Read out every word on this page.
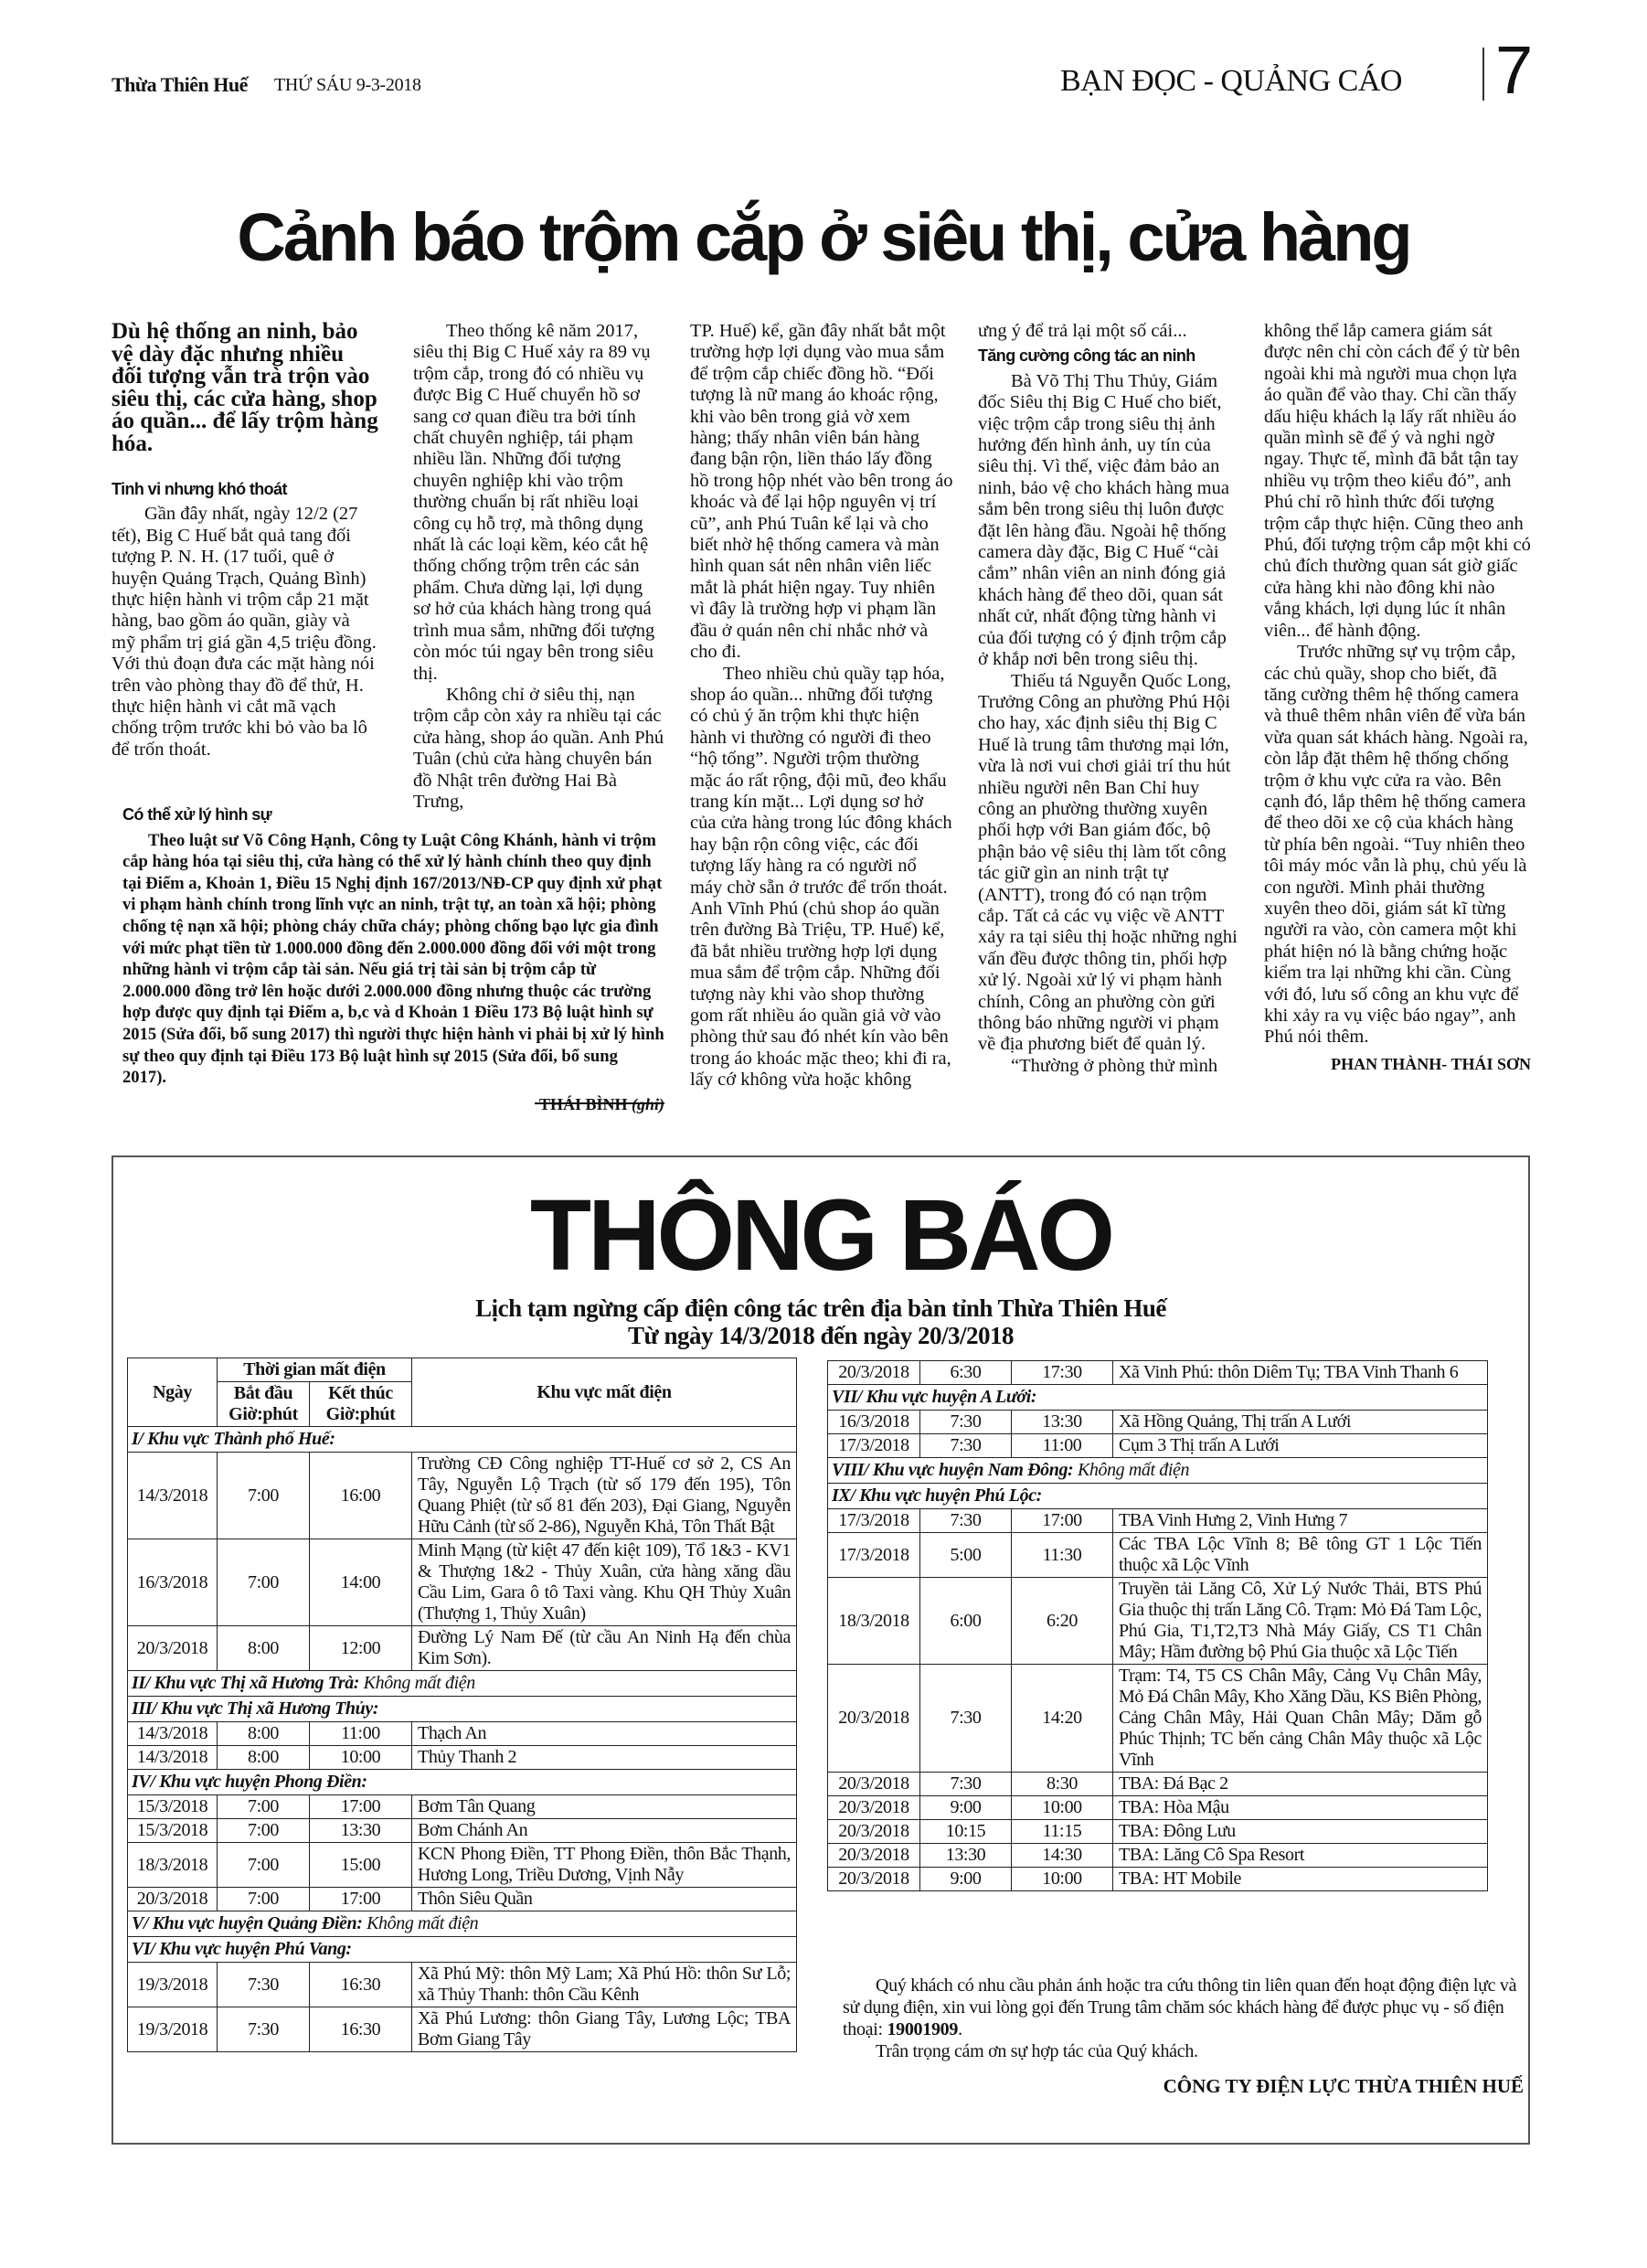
Thừa Thiên Huế THỨ SÁU 9-3-2018	BẠN ĐỌC - QUẢNG CÁO 7
Cảnh báo trộm cắp ở siêu thị, cửa hàng

Dù hệ thống an ninh, bảo vệ dày đặc nhưng nhiều đối tượng vẫn trà trộn vào siêu thị, các cửa hàng, shop áo quần... để lấy trộm hàng hóa.

Tinh vi nhưng khó thoát

Gần đây nhất, ngày 12/2 (27 tết), Big C Huế bắt quả tang đối tượng P. N. H. (17 tuổi, quê ở huyện Quảng Trạch, Quảng Bình) thực hiện hành vi trộm cắp 21 mặt hàng, bao gồm áo quần, giày và mỹ phẩm trị giá gần 4,5 triệu đồng. Với thủ đoạn đưa các mặt hàng nói trên vào phòng thay đồ để thử, H. thực hiện hành vi cắt mã vạch chống trộm trước khi bỏ vào ba lô để trốn thoát.

Theo thống kê năm 2017, siêu thị Big C Huế xảy ra 89 vụ trộm cắp, trong đó có nhiều vụ được Big C Huế chuyển hồ sơ sang cơ quan điều tra bởi tính chất chuyên nghiệp, tái phạm nhiều lần. Những đối tượng chuyên nghiệp khi vào trộm thường chuẩn bị rất nhiều loại công cụ hỗ trợ, mà thông dụng nhất là các loại kềm, kéo cắt hệ thống chống trộm trên các sản phẩm. Chưa dừng lại, lợi dụng sơ hở của khách hàng trong quá trình mua sắm, những đối tượng còn móc túi ngay bên trong siêu thị.

Không chỉ ở siêu thị, nạn trộm cắp còn xảy ra nhiều tại các cửa hàng, shop áo quần. Anh Phú Tuân (chủ cửa hàng chuyên bán đồ Nhật trên đường Hai Bà Trưng,

TP. Huế) kể, gần đây nhất bắt một trường hợp lợi dụng vào mua sắm để trộm cắp chiếc đồng hồ. “Đối tượng là nữ mang áo khoác rộng, khi vào bên trong giả vờ xem hàng; thấy nhân viên bán hàng đang bận rộn, liền tháo lấy đồng hồ trong hộp nhét vào bên trong áo khoác và để lại hộp nguyên vị trí cũ”, anh Phú Tuân kể lại và cho biết nhờ hệ thống camera và màn hình quan sát nên nhân viên liếc mắt là phát hiện ngay. Tuy nhiên vì đây là trường hợp vi phạm lần đầu ở quán nên chỉ nhắc nhở và cho đi.

Theo nhiều chủ quầy tạp hóa, shop áo quần... những đối tượng có chủ ý ăn trộm khi thực hiện hành vi thường có người đi theo “hộ tống”. Người trộm thường mặc áo rất rộng, đội mũ, đeo khẩu trang kín mặt... Lợi dụng sơ hở của cửa hàng trong lúc đông khách hay bận rộn công việc, các đối tượng lấy hàng ra có người nổ máy chờ sẵn ở trước để trốn thoát. Anh Vĩnh Phú (chủ shop áo quần trên đường Bà Triệu, TP. Huế) kể, đã bắt nhiều trường hợp lợi dụng mua sắm để trộm cắp. Những đối tượng này khi vào shop thường gom rất nhiều áo quần giả vờ vào phòng thử sau đó nhét kín vào bên trong áo khoác mặc theo; khi đi ra, lấy cớ không vừa hoặc không

ưng ý để trả lại một số cái...

Tăng cường công tác an ninh

Bà Võ Thị Thu Thủy, Giám đốc Siêu thị Big C Huế cho biết, việc trộm cắp trong siêu thị ảnh hưởng đến hình ảnh, uy tín của siêu thị. Vì thế, việc đảm bảo an ninh, bảo vệ cho khách hàng mua sắm bên trong siêu thị luôn được đặt lên hàng đầu. Ngoài hệ thống camera dày đặc, Big C Huế “cài cắm” nhân viên an ninh đóng giả khách hàng để theo dõi, quan sát nhất cử, nhất động từng hành vi của đối tượng có ý định trộm cắp ở khắp nơi bên trong siêu thị.

Thiếu tá Nguyễn Quốc Long, Trưởng Công an phường Phú Hội cho hay, xác định siêu thị Big C Huế là trung tâm thương mại lớn, vừa là nơi vui chơi giải trí thu hút nhiều người nên Ban Chỉ huy công an phường thường xuyên phối hợp với Ban giám đốc, bộ phận bảo vệ siêu thị làm tốt công tác giữ gìn an ninh trật tự (ANTT), trong đó có nạn trộm cắp. Tất cả các vụ việc về ANTT xảy ra tại siêu thị hoặc những nghi vấn đều được thông tin, phối hợp xử lý. Ngoài xử lý vi phạm hành chính, Công an phường còn gửi thông báo những người vi phạm về địa phương biết để quản lý.

“Thường ở phòng thử mình

không thể lắp camera giám sát được nên chỉ còn cách để ý từ bên ngoài khi mà người mua chọn lựa áo quần để vào thay. Chỉ cần thấy dấu hiệu khách lạ lấy rất nhiều áo quần mình sẽ để ý và nghi ngờ ngay. Thực tế, mình đã bắt tận tay nhiều vụ trộm theo kiểu đó”, anh Phú chỉ rõ hình thức đối tượng trộm cắp thực hiện. Cũng theo anh Phú, đối tượng trộm cắp một khi có chủ đích thường quan sát giờ giấc cửa hàng khi nào đông khi nào vắng khách, lợi dụng lúc ít nhân viên... để hành động.

Trước những sự vụ trộm cắp, các chủ quầy, shop cho biết, đã tăng cường thêm hệ thống camera và thuê thêm nhân viên để vừa bán vừa quan sát khách hàng. Ngoài ra, còn lắp đặt thêm hệ thống chống trộm ở khu vực cửa ra vào. Bên cạnh đó, lắp thêm hệ thống camera để theo dõi xe cộ của khách hàng từ phía bên ngoài. “Tuy nhiên theo tôi máy móc vẫn là phụ, chủ yếu là con người. Mình phải thường xuyên theo dõi, giám sát kĩ từng người ra vào, còn camera một khi phát hiện nó là bằng chứng hoặc kiểm tra lại những khi cần. Cùng với đó, lưu số công an khu vực để khi xảy ra vụ việc báo ngay”, anh Phú nói thêm.

PHAN THÀNH- THÁI SƠN

Có thể xử lý hình sự

Theo luật sư Võ Công Hạnh, Công ty Luật Công Khánh, hành vi trộm cắp hàng hóa tại siêu thị, cửa hàng có thể xử lý hành chính theo quy định tại Điểm a, Khoản 1, Điều 15 Nghị định 167/2013/NĐ-CP quy định xử phạt vi phạm hành chính trong lĩnh vực an ninh, trật tự, an toàn xã hội; phòng chống tệ nạn xã hội; phòng cháy chữa cháy; phòng chống bạo lực gia đình với mức phạt tiền từ 1.000.000 đồng đến 2.000.000 đồng đối với một trong những hành vi trộm cắp tài sản. Nếu giá trị tài sản bị trộm cắp từ 2.000.000 đồng trở lên hoặc dưới 2.000.000 đồng nhưng thuộc các trường hợp được quy định tại Điểm a, b,c và d Khoản 1 Điều 173 Bộ luật hình sự 2015 (Sửa đổi, bổ sung 2017) thì người thực hiện hành vi phải bị xử lý hình sự theo quy định tại Điều 173 Bộ luật hình sự 2015 (Sửa đổi, bổ sung 2017).

THÔNG BÁO
Lịch tạm ngừng cấp điện công tác trên địa bàn tỉnh Thừa Thiên Huế
Từ ngày 14/3/2018 đến ngày 20/3/2018
Ngày	Thời gian mất điện		Khu vực mất điện
	Bắt đầu Giờ:phút	Kết thúc Giờ:phút	
I/ Khu vực Thành phố Huế:			
14/3/2018	7:00	16:00	Trường CĐ Công nghiệp TT-Huế cơ sở 2, CS An Tây, Nguyễn Lộ Trạch (từ số 179 đến 195), Tôn Quang Phiệt (từ số 81 đến 203), Đại Giang, Nguyễn Hữu Cảnh (từ số 2-86), Nguyễn Khả, Tôn Thất Bật
16/3/2018	7:00	14:00	Minh Mạng (từ kiệt 47 đến kiệt 109), Tổ 1&3 - KV1 & Thượng 1&2 - Thủy Xuân, cửa hàng xăng dầu Cầu Lim, Gara ô tô Taxi vàng. Khu QH Thủy Xuân (Thượng 1, Thủy Xuân)
20/3/2018	8:00	12:00	Đường Lý Nam Đế (từ cầu An Ninh Hạ đến chùa Kim Sơn).
II/ Khu vực Thị xã Hương Trà: Không mất điện			
III/ Khu vực Thị xã Hương Thủy:			
14/3/2018	8:00	11:00	Thạch An
14/3/2018	8:00	10:00	Thủy Thanh 2
IV/ Khu vực huyện Phong Điền:			
15/3/2018	7:00	17:00	Bơm Tân Quang
15/3/2018	7:00	13:30	Bơm Chánh An
18/3/2018	7:00	15:00	KCN Phong Điền, TT Phong Điền, thôn Bắc Thạnh, Hương Long, Triều Dương, Vịnh Nẫy
20/3/2018	7:00	17:00	Thôn Siêu Quần
V/ Khu vực huyện Quảng Điền: Không mất điện			
VI/ Khu vực huyện Phú Vang:			
19/3/2018	7:30	16:30	Xã Phú Mỹ: thôn Mỹ Lam; Xã Phú Hồ: thôn Sư Lỗ; xã Thủy Thanh: thôn Cầu Kênh
19/3/2018	7:30	16:30	Xã Phú Lương: thôn Giang Tây, Lương Lộc; TBA Bơm Giang Tây
20/3/2018	6:30	17:30	Xã Vinh Phú: thôn Diêm Tụ; TBA Vinh Thanh 6
VII/ Khu vực huyện A Lưới:			
16/3/2018	7:30	13:30	Xã Hồng Quảng, Thị trấn A Lưới
17/3/2018	7:30	11:00	Cụm 3 Thị trấn A Lưới
VIII/ Khu vực huyện Nam Đông: Không mất điện			
IX/ Khu vực huyện Phú Lộc:			
17/3/2018	7:30	17:00	TBA Vinh Hưng 2, Vinh Hưng 7
17/3/2018	5:00	11:30	Các TBA Lộc Vĩnh 8; Bê tông GT 1 Lộc Tiến thuộc xã Lộc Vĩnh
18/3/2018	6:00	6:20	Truyền tải Lăng Cô, Xử Lý Nước Thải, BTS Phú Gia thuộc thị trấn Lăng Cô. Trạm: Mỏ Đá Tam Lộc, Phú Gia, T1,T2,T3 Nhà Máy Giấy, CS T1 Chân Mây; Hầm đường bộ Phú Gia thuộc xã Lộc Tiến
20/3/2018	7:30	14:20	Trạm: T4, T5 CS Chân Mây, Cảng Vụ Chân Mây, Mỏ Đá Chân Mây, Kho Xăng Dầu, KS Biên Phòng, Cảng Chân Mây, Hải Quan Chân Mây; Dăm gỗ Phúc Thịnh; TC bến cảng Chân Mây thuộc xã Lộc Vĩnh
20/3/2018	7:30	8:30	TBA: Đá Bạc 2
20/3/2018	9:00	10:00	TBA: Hòa Mậu
20/3/2018	10:15	11:15	TBA: Đông Lưu
20/3/2018	13:30	14:30	TBA: Lăng Cô Spa Resort
20/3/2018	9:00	10:00	TBA: HT Mobile

Quý khách có nhu cầu phản ánh hoặc tra cứu thông tin liên quan đến hoạt động điện lực và sử dụng điện, xin vui lòng gọi đến Trung tâm chăm sóc khách hàng để được phục vụ - số điện thoại: 19001909.

Trân trọng cám ơn sự hợp tác của Quý khách.

CÔNG TY ĐIỆN LỰC THỪA THIÊN HUẾ
